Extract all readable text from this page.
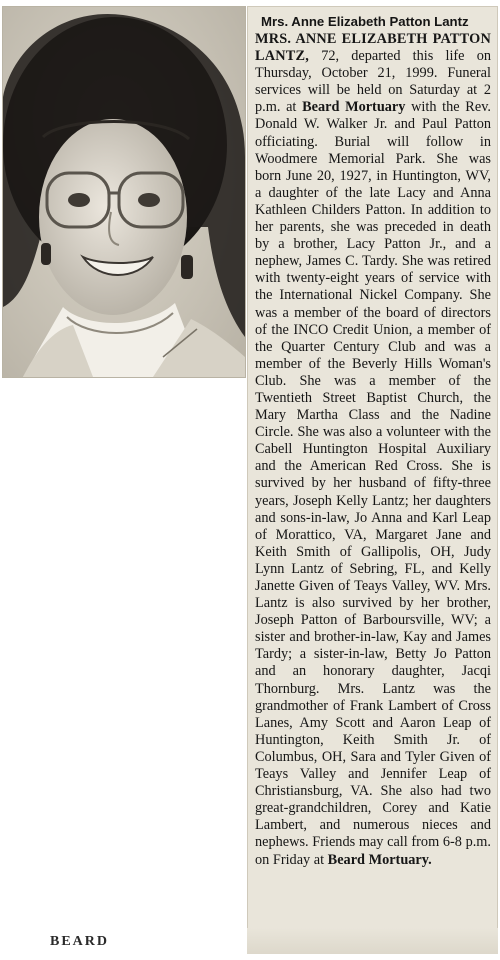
Mrs. Anne Elizabeth Patton Lantz

MRS. ANNE ELIZABETH PATTON LANTZ, 72, departed this life on Thursday, October 21, 1999. Funeral services will be held on Saturday at 2 p.m. at Beard Mortuary with the Rev. Donald W. Walker Jr. and Paul Patton officiating. Burial will follow in Woodmere Memorial Park. She was born June 20, 1927, in Huntington, WV, a daughter of the late Lacy and Anna Kathleen Childers Patton. In addition to her parents, she was preceded in death by a brother, Lacy Patton Jr., and a nephew, James C. Tardy. She was retired with twenty-eight years of service with the International Nickel Company. She was a member of the board of directors of the INCO Credit Union, a member of the Quarter Century Club and was a member of the Beverly Hills Woman's Club. She was a member of the Twentieth Street Baptist Church, the Mary Martha Class and the Nadine Circle. She was also a volunteer with the Cabell Huntington Hospital Auxiliary and the American Red Cross. She is survived by her husband of fifty-three years, Joseph Kelly Lantz; her daughters and sons-in-law, Jo Anna and Karl Leap of Morattico, VA, Margaret Jane and Keith Smith of Gallipolis, OH, Judy Lynn Lantz of Sebring, FL, and Kelly Janette Given of Teays Valley, WV. Mrs. Lantz is also survived by her brother, Joseph Patton of Barboursville, WV; a sister and brother-in-law, Kay and James Tardy; a sister-in-law, Betty Jo Patton and an honorary daughter, Jacqi Thornburg. Mrs. Lantz was the grandmother of Frank Lambert of Cross Lanes, Amy Scott and Aaron Leap of Huntington, Keith Smith Jr. of Columbus, OH, Sara and Tyler Given of Teays Valley and Jennifer Leap of Christiansburg, VA. She also had two great-grandchildren, Corey and Katie Lambert, and numerous nieces and nephews. Friends may call from 6-8 p.m. on Friday at Beard Mortuary.

BEARD
